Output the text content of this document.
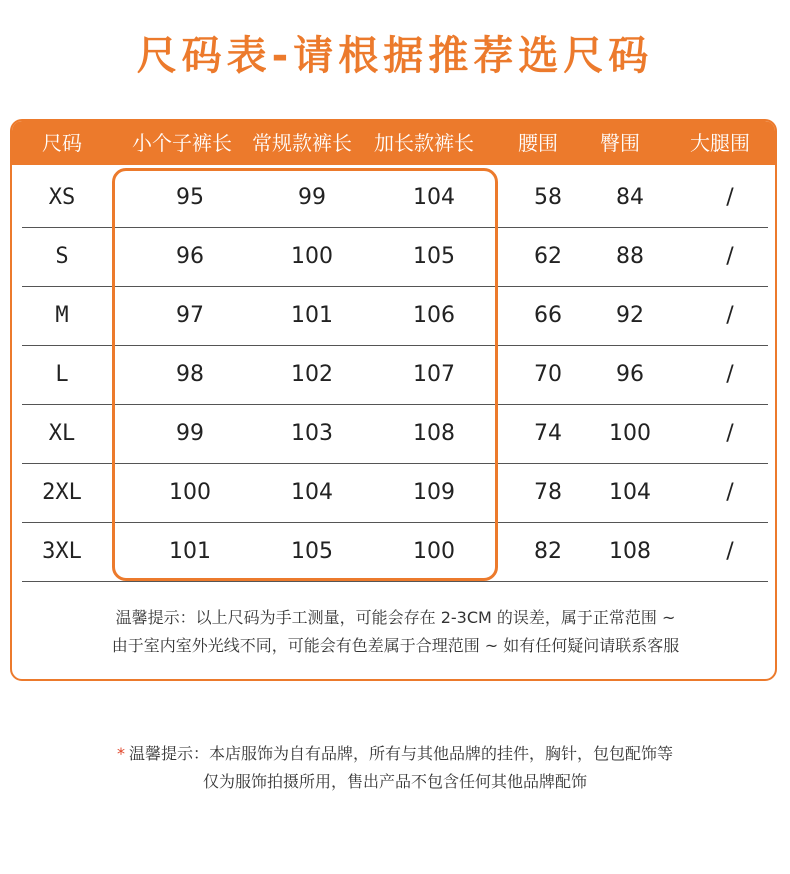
尺码表-请根据推荐选尺码
尺码	小个子裤长	常规款裤长	加长款裤长	腰围	臀围	大腿围
XS	95	99	104	58	84	/
S	96	100	105	62	88	/
M	97	101	106	66	92	/
L	98	102	107	70	96	/
XL	99	103	108	74	100	/
2XL	100	104	109	78	104	/
3XL	101	105	100	82	108	/
温馨提示：以上尺码为手工测量，可能会存在 2-3CM 的误差，属于正常范围 ~
由于室内室外光线不同，可能会有色差属于合理范围 ~ 如有任何疑问请联系客服
* 温馨提示：本店服饰为自有品牌，所有与其他品牌的挂件，胸针，包包配饰等
仅为服饰拍摄所用，售出产品不包含任何其他品牌配饰
